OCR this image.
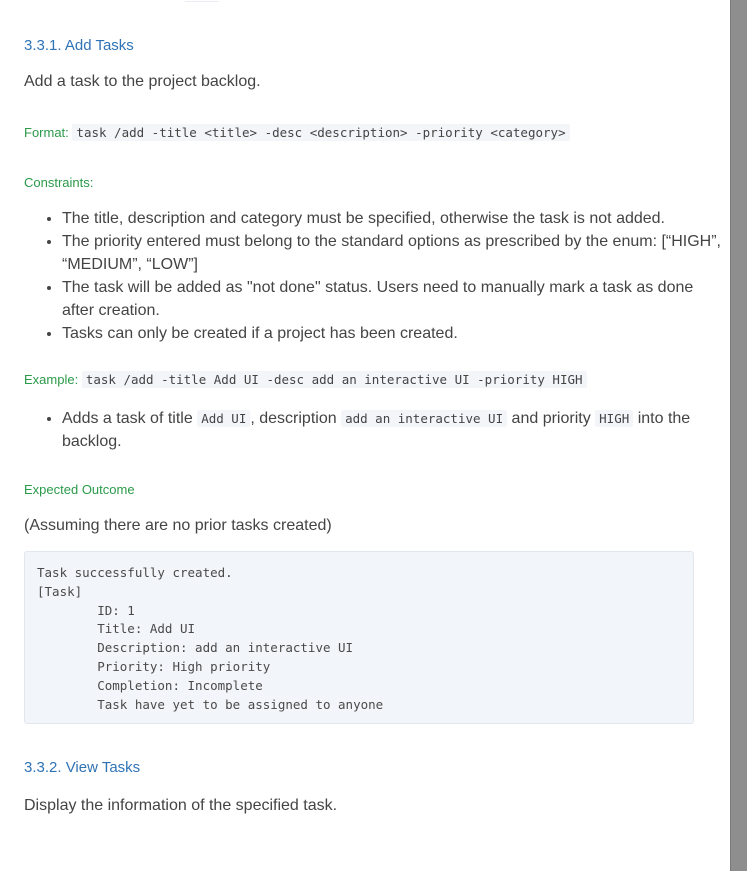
3.3.1. Add Tasks
Add a task to the project backlog.
Format: task /add -title <title> -desc <description> -priority <category>
Constraints:
• The title, description and category must be specified, otherwise the task is not added.
• The priority entered must belong to the standard options as prescribed by the enum: [“HIGH”, “MEDIUM”, “LOW”]
• The task will be added as "not done" status. Users need to manually mark a task as done after creation.
• Tasks can only be created if a project has been created.
Example: task /add -title Add UI -desc add an interactive UI -priority HIGH
• Adds a task of title Add UI , description add an interactive UI and priority HIGH into the backlog.
Expected Outcome
(Assuming there are no prior tasks created)
Task successfully created.
[Task]
ID: 1
Title: Add UI
Description: add an interactive UI
Priority: High priority
Completion: Incomplete
Task have yet to be assigned to anyone
3.3.2. View Tasks
Display the information of the specified task.
